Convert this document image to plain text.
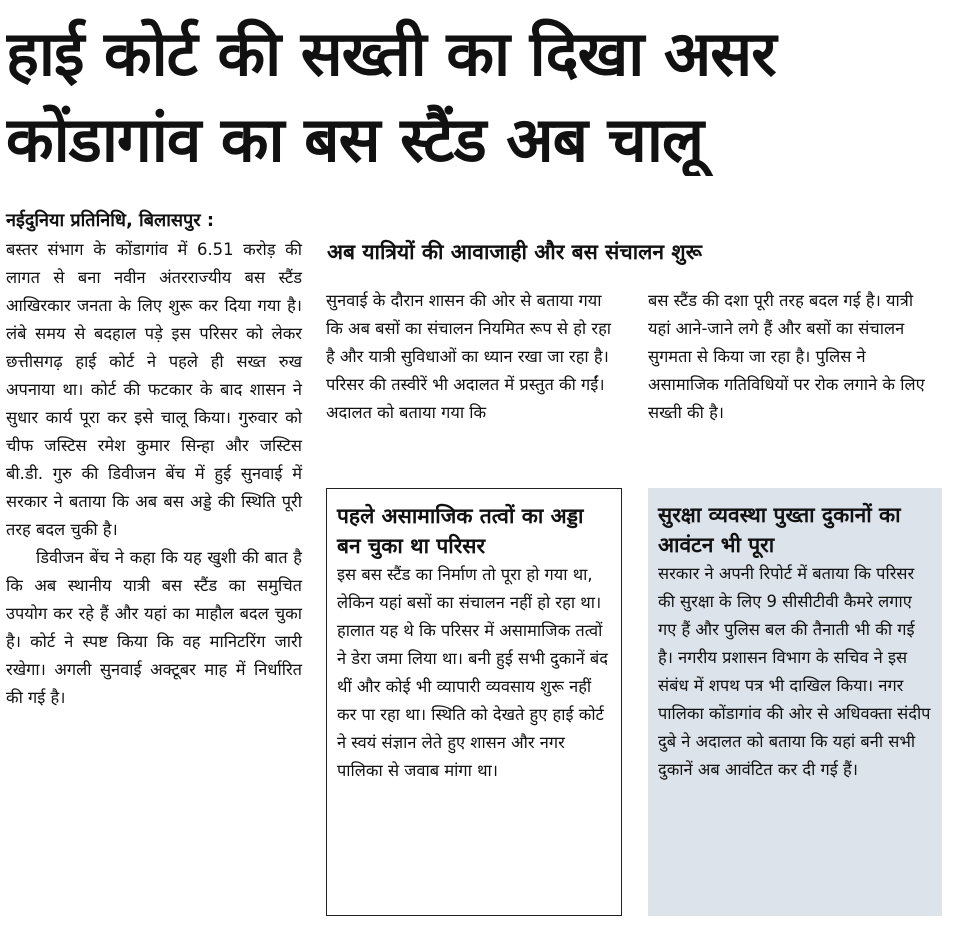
हाई कोर्ट की सख्ती का दिखा असर
कोंडागांव का बस स्टैंड अब चालू
नईदुनिया प्रतिनिधि, बिलासपुर :

बस्तर संभाग के कोंडागांव में 6.51 करोड़ की लागत से बना नवीन अंतरराज्यीय बस स्टैंड आखिरकार जनता के लिए शुरू कर दिया गया है। लंबे समय से बदहाल पड़े इस परिसर को लेकर छत्तीसगढ़ हाई कोर्ट ने पहले ही सख्त रुख अपनाया था। कोर्ट की फटकार के बाद शासन ने सुधार कार्य पूरा कर इसे चालू किया। गुरुवार को चीफ जस्टिस रमेश कुमार सिन्हा और जस्टिस बी.डी. गुरु की डिवीजन बेंच में हुई सुनवाई में सरकार ने बताया कि अब बस अड्डे की स्थिति पूरी तरह बदल चुकी है।

डिवीजन बेंच ने कहा कि यह खुशी की बात है कि अब स्थानीय यात्री बस स्टैंड का समुचित उपयोग कर रहे हैं और यहां का माहौल बदल चुका है। कोर्ट ने स्पष्ट किया कि वह मानिटरिंग जारी रखेगा। अगली सुनवाई अक्टूबर माह में निर्धारित की गई है।

अब यात्रियों की आवाजाही और बस संचालन शुरू

सुनवाई के दौरान शासन की ओर से बताया गया कि अब बसों का संचालन नियमित रूप से हो रहा है और यात्री सुविधाओं का ध्यान रखा जा रहा है। परिसर की तस्वीरें भी अदालत में प्रस्तुत की गईं। अदालत को बताया गया कि

बस स्टैंड की दशा पूरी तरह बदल गई है। यात्री यहां आने-जाने लगे हैं और बसों का संचालन सुगमता से किया जा रहा है। पुलिस ने असामाजिक गतिविधियों पर रोक लगाने के लिए सख्ती की है।

पहले असामाजिक तत्वों का अड्डा बन चुका था परिसर

इस बस स्टैंड का निर्माण तो पूरा हो गया था, लेकिन यहां बसों का संचालन नहीं हो रहा था। हालात यह थे कि परिसर में असामाजिक तत्वों ने डेरा जमा लिया था। बनी हुई सभी दुकानें बंद थीं और कोई भी व्यापारी व्यवसाय शुरू नहीं कर पा रहा था। स्थिति को देखते हुए हाई कोर्ट ने स्वयं संज्ञान लेते हुए शासन और नगर पालिका से जवाब मांगा था।

सुरक्षा व्यवस्था पुख्ता दुकानों का आवंटन भी पूरा

सरकार ने अपनी रिपोर्ट में बताया कि परिसर की सुरक्षा के लिए 9 सीसीटीवी कैमरे लगाए गए हैं और पुलिस बल की तैनाती भी की गई है। नगरीय प्रशासन विभाग के सचिव ने इस संबंध में शपथ पत्र भी दाखिल किया। नगर पालिका कोंडागांव की ओर से अधिवक्ता संदीप दुबे ने अदालत को बताया कि यहां बनी सभी दुकानें अब आवंटित कर दी गई हैं।
